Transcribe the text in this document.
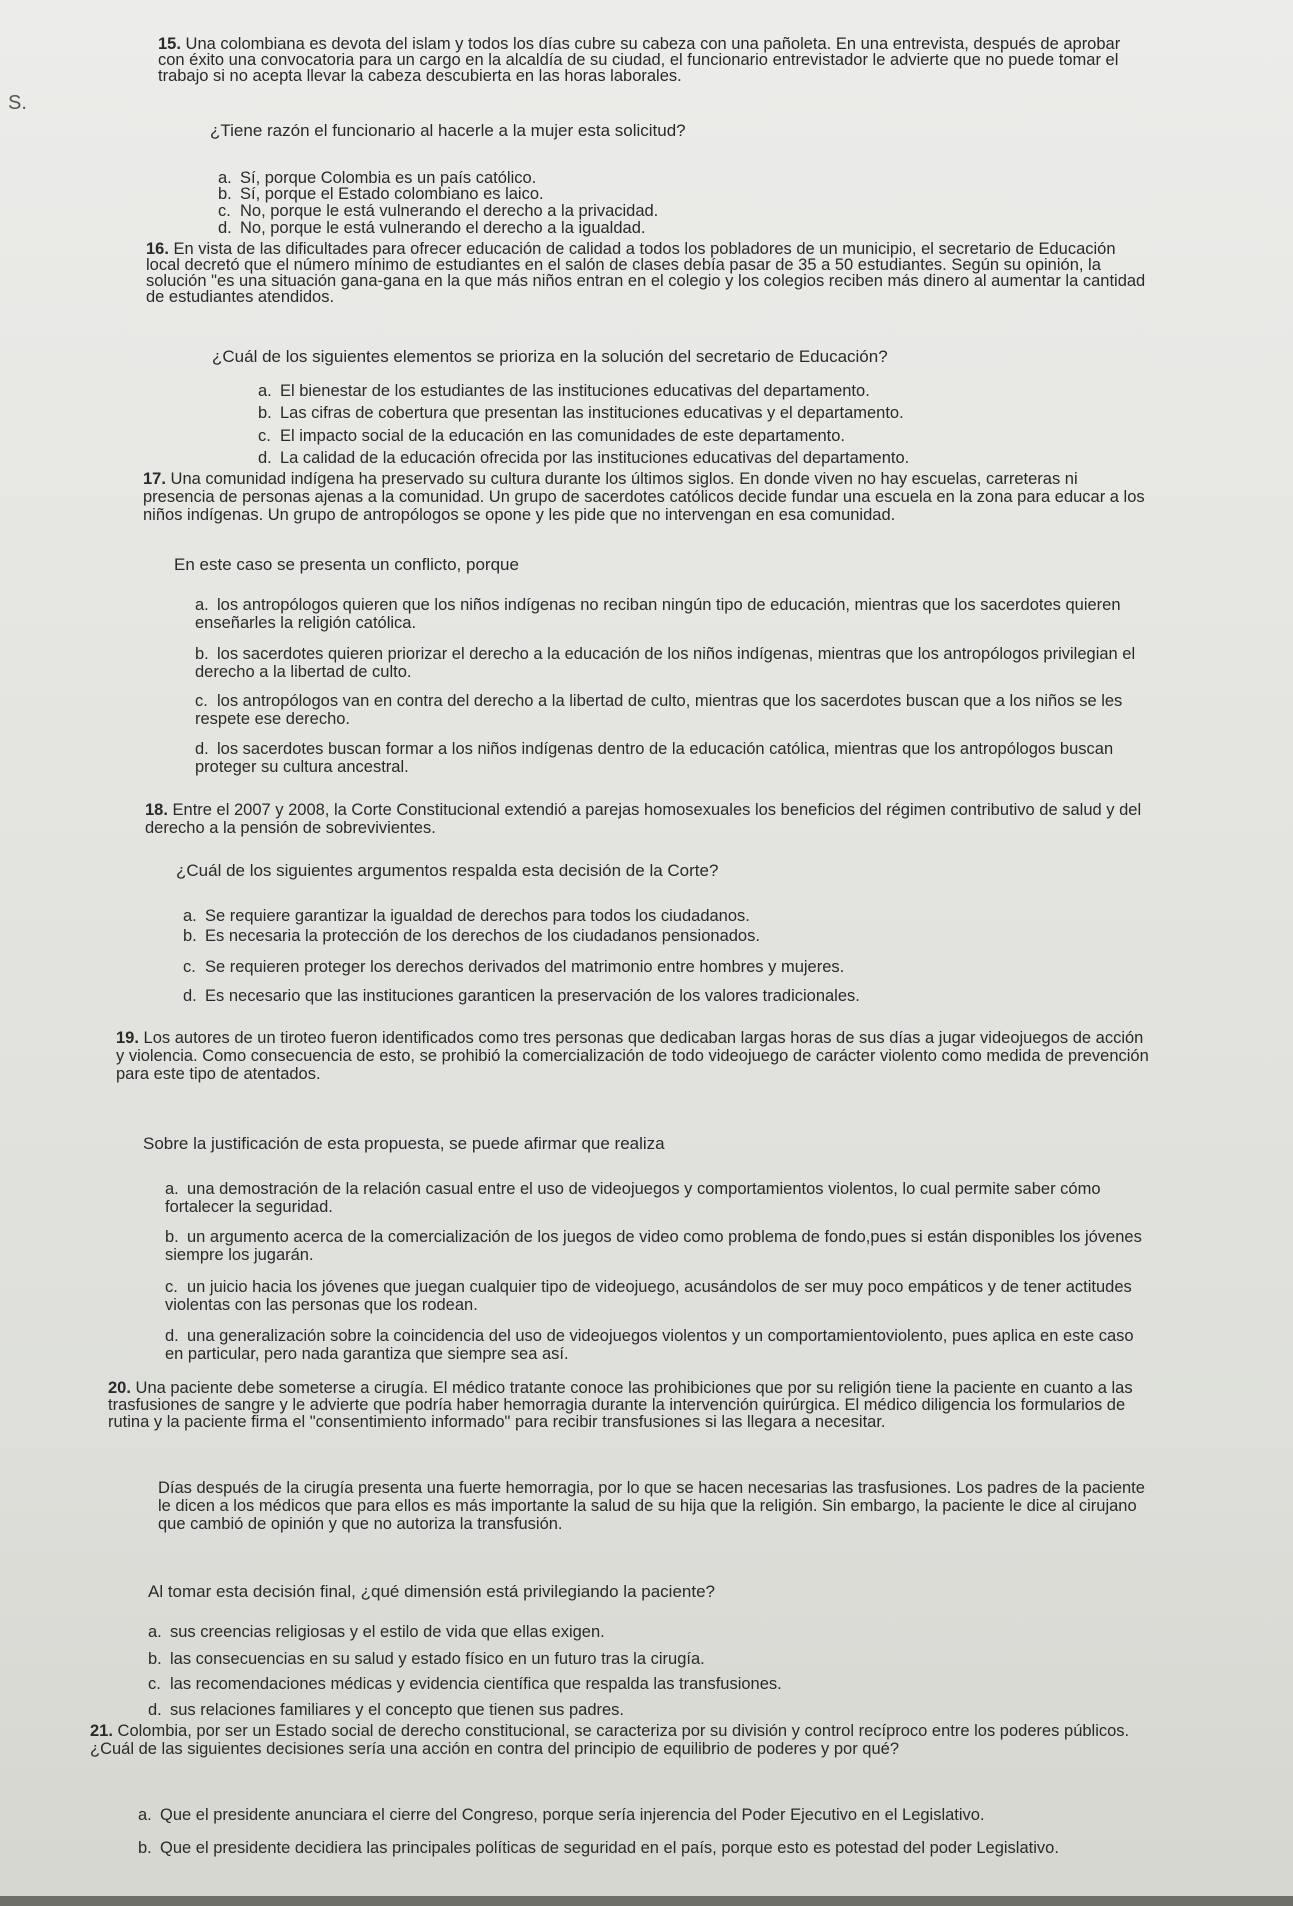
S.

15. Una colombiana es devota del islam y todos los días cubre su cabeza con una pañoleta. En una entrevista, después de aprobar con éxito una convocatoria para un cargo en la alcaldía de su ciudad, el funcionario entrevistador le advierte que no puede tomar el trabajo si no acepta llevar la cabeza descubierta en las horas laborales.

¿Tiene razón el funcionario al hacerle a la mujer esta solicitud?
a. Sí, porque Colombia es un país católico.
b. Sí, porque el Estado colombiano es laico.
c. No, porque le está vulnerando el derecho a la privacidad.
d. No, porque le está vulnerando el derecho a la igualdad.

16. En vista de las dificultades para ofrecer educación de calidad a todos los pobladores de un municipio, el secretario de Educación local decretó que el número mínimo de estudiantes en el salón de clases debía pasar de 35 a 50 estudiantes. Según su opinión, la solución "es una situación gana-gana en la que más niños entran en el colegio y los colegios reciben más dinero al aumentar la cantidad de estudiantes atendidos.

¿Cuál de los siguientes elementos se prioriza en la solución del secretario de Educación?
a. El bienestar de los estudiantes de las instituciones educativas del departamento.
b. Las cifras de cobertura que presentan las instituciones educativas y el departamento.
c. El impacto social de la educación en las comunidades de este departamento.
d. La calidad de la educación ofrecida por las instituciones educativas del departamento.

17. Una comunidad indígena ha preservado su cultura durante los últimos siglos. En donde viven no hay escuelas, carreteras ni presencia de personas ajenas a la comunidad. Un grupo de sacerdotes católicos decide fundar una escuela en la zona para educar a los niños indígenas. Un grupo de antropólogos se opone y les pide que no intervengan en esa comunidad.

En este caso se presenta un conflicto, porque
a. los antropólogos quieren que los niños indígenas no reciban ningún tipo de educación, mientras que los sacerdotes quieren enseñarles la religión católica.
b. los sacerdotes quieren priorizar el derecho a la educación de los niños indígenas, mientras que los antropólogos privilegian el derecho a la libertad de culto.
c. los antropólogos van en contra del derecho a la libertad de culto, mientras que los sacerdotes buscan que a los niños se les respete ese derecho.
d. los sacerdotes buscan formar a los niños indígenas dentro de la educación católica, mientras que los antropólogos buscan proteger su cultura ancestral.

18. Entre el 2007 y 2008, la Corte Constitucional extendió a parejas homosexuales los beneficios del régimen contributivo de salud y del derecho a la pensión de sobrevivientes.

¿Cuál de los siguientes argumentos respalda esta decisión de la Corte?
a. Se requiere garantizar la igualdad de derechos para todos los ciudadanos.
b. Es necesaria la protección de los derechos de los ciudadanos pensionados.
c. Se requieren proteger los derechos derivados del matrimonio entre hombres y mujeres.
d. Es necesario que las instituciones garanticen la preservación de los valores tradicionales.

19. Los autores de un tiroteo fueron identificados como tres personas que dedicaban largas horas de sus días a jugar videojuegos de acción y violencia. Como consecuencia de esto, se prohibió la comercialización de todo videojuego de carácter violento como medida de prevención para este tipo de atentados.

Sobre la justificación de esta propuesta, se puede afirmar que realiza
a. una demostración de la relación casual entre el uso de videojuegos y comportamientos violentos, lo cual permite saber cómo fortalecer la seguridad.
b. un argumento acerca de la comercialización de los juegos de video como problema de fondo,pues si están disponibles los jóvenes siempre los jugarán.
c. un juicio hacia los jóvenes que juegan cualquier tipo de videojuego, acusándolos de ser muy poco empáticos y de tener actitudes violentas con las personas que los rodean.
d. una generalización sobre la coincidencia del uso de videojuegos violentos y un comportamientoviolento, pues aplica en este caso en particular, pero nada garantiza que siempre sea así.

20. Una paciente debe someterse a cirugía. El médico tratante conoce las prohibiciones que por su religión tiene la paciente en cuanto a las trasfusiones de sangre y le advierte que podría haber hemorragia durante la intervención quirúrgica. El médico diligencia los formularios de rutina y la paciente firma el "consentimiento informado" para recibir transfusiones si las llegara a necesitar.

Días después de la cirugía presenta una fuerte hemorragia, por lo que se hacen necesarias las trasfusiones. Los padres de la paciente le dicen a los médicos que para ellos es más importante la salud de su hija que la religión. Sin embargo, la paciente le dice al cirujano que cambió de opinión y que no autoriza la transfusión.

Al tomar esta decisión final, ¿qué dimensión está privilegiando la paciente?
a. sus creencias religiosas y el estilo de vida que ellas exigen.
b. las consecuencias en su salud y estado físico en un futuro tras la cirugía.
c. las recomendaciones médicas y evidencia científica que respalda las transfusiones.
d. sus relaciones familiares y el concepto que tienen sus padres.

21. Colombia, por ser un Estado social de derecho constitucional, se caracteriza por su división y control recíproco entre los poderes públicos. ¿Cuál de las siguientes decisiones sería una acción en contra del principio de equilibrio de poderes y por qué?

a. Que el presidente anunciara el cierre del Congreso, porque sería injerencia del Poder Ejecutivo en el Legislativo.
b. Que el presidente decidiera las principales políticas de seguridad en el país, porque esto es potestad del poder Legislativo.
